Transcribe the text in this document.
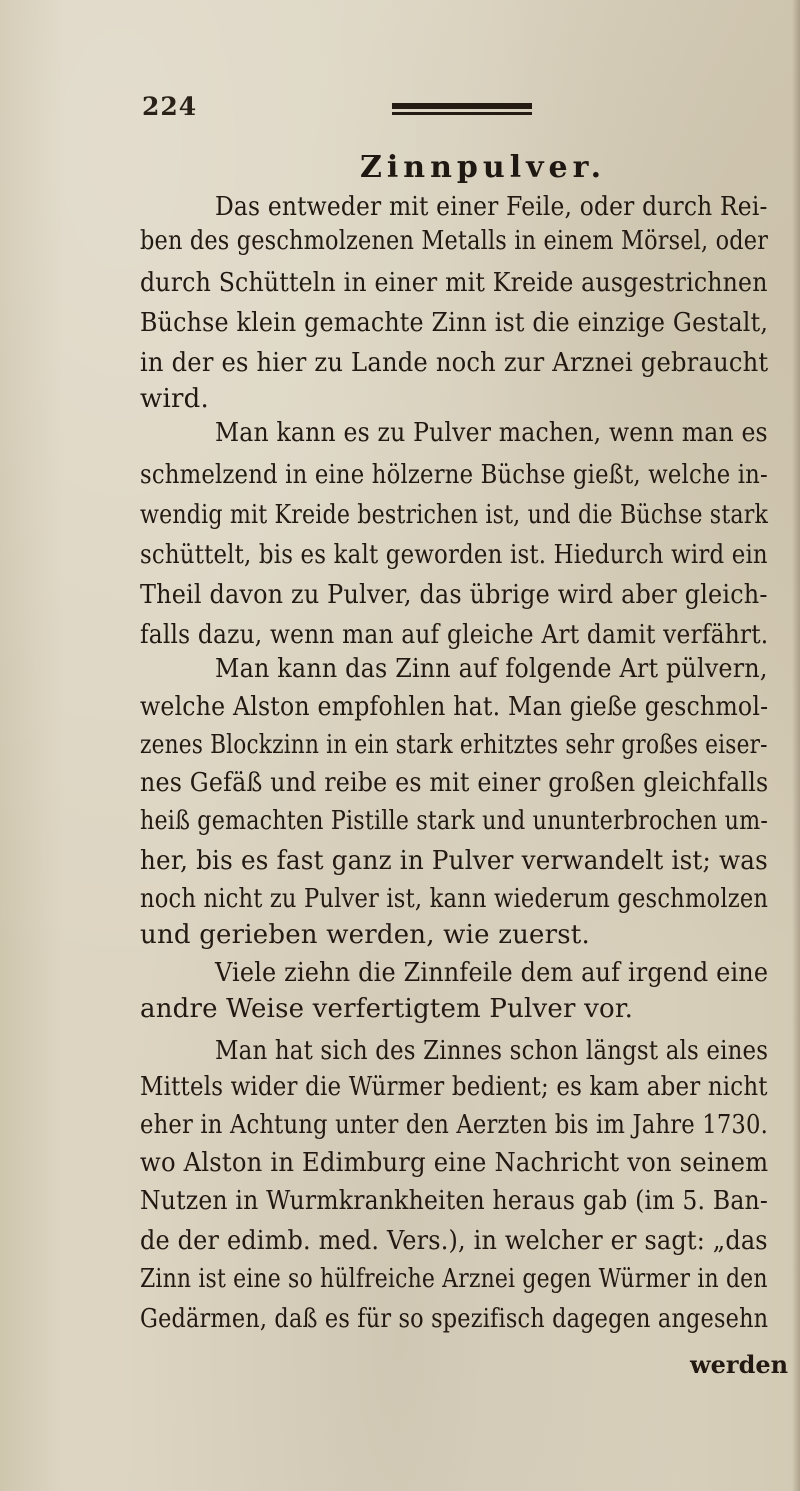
224
Zinnpulver.
Das entweder mit einer Feile, oder durch Rei-
ben des geschmolzenen Metalls in einem Mörsel, oder
durch Schütteln in einer mit Kreide ausgestrichnen
Büchse klein gemachte Zinn ist die einzige Gestalt,
in der es hier zu Lande noch zur Arznei gebraucht
wird.
Man kann es zu Pulver machen, wenn man es
schmelzend in eine hölzerne Büchse gießt, welche in-
wendig mit Kreide bestrichen ist, und die Büchse stark
schüttelt, bis es kalt geworden ist. Hiedurch wird ein
Theil davon zu Pulver, das übrige wird aber gleich-
falls dazu, wenn man auf gleiche Art damit verfährt.
Man kann das Zinn auf folgende Art pülvern,
welche Alston empfohlen hat. Man gieße geschmol-
zenes Blockzinn in ein stark erhitztes sehr großes eiser-
nes Gefäß und reibe es mit einer großen gleichfalls
heiß gemachten Pistille stark und ununterbrochen um-
her, bis es fast ganz in Pulver verwandelt ist; was
noch nicht zu Pulver ist, kann wiederum geschmolzen
und gerieben werden, wie zuerst.
Viele ziehn die Zinnfeile dem auf irgend eine
andre Weise verfertigtem Pulver vor.
Man hat sich des Zinnes schon längst als eines
Mittels wider die Würmer bedient; es kam aber nicht
eher in Achtung unter den Aerzten bis im Jahre 1730.
wo Alston in Edimburg eine Nachricht von seinem
Nutzen in Wurmkrankheiten heraus gab (im 5. Ban-
de der edimb. med. Vers.), in welcher er sagt: „das
Zinn ist eine so hülfreiche Arznei gegen Würmer in den
Gedärmen, daß es für so spezifisch dagegen angesehn
werden
